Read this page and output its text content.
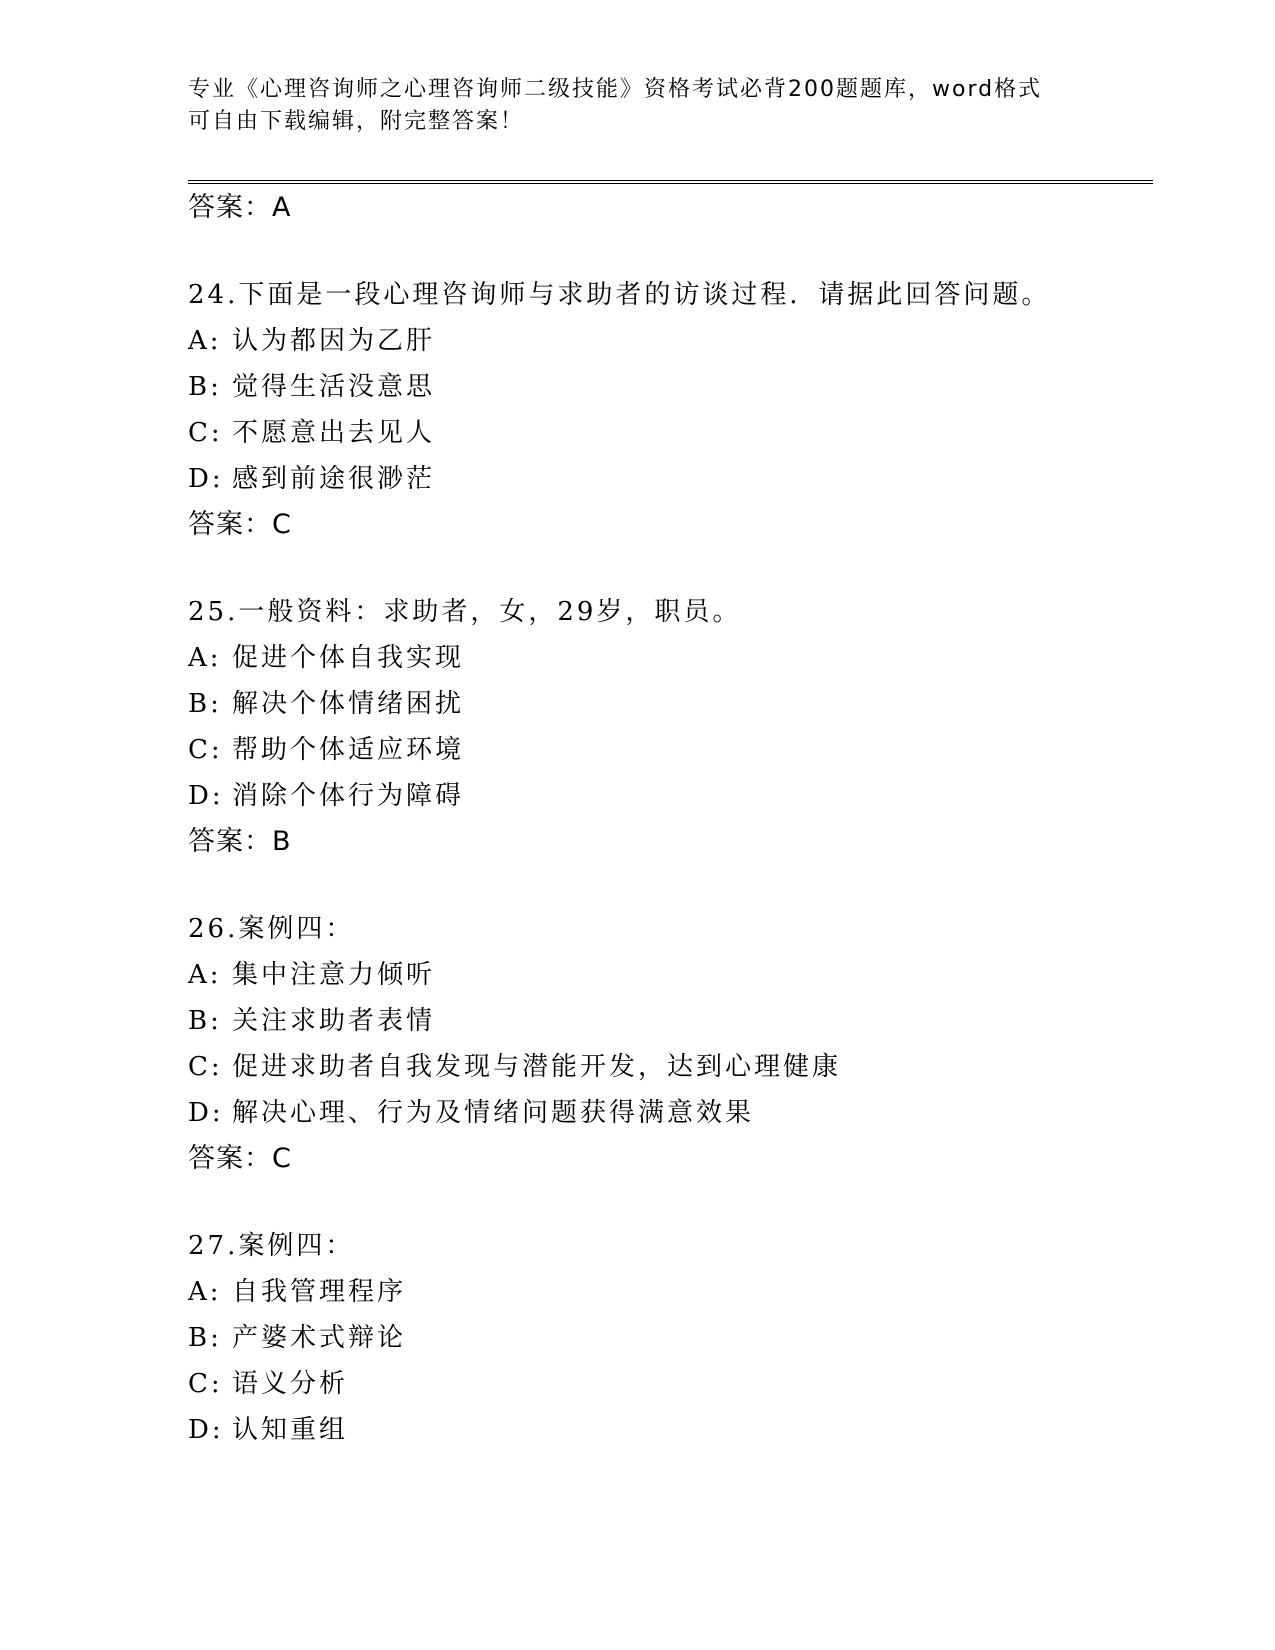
专业《心理咨询师之心理咨询师二级技能》资格考试必背200题题库，word格式
可自由下载编辑，附完整答案！
答案：A
24.下面是一段心理咨询师与求助者的访谈过程．请据此回答问题。
A: 认为都因为乙肝
B: 觉得生活没意思
C: 不愿意出去见人
D: 感到前途很渺茫
答案：C
25.一般资料：求助者，女，29岁，职员。
A: 促进个体自我实现
B: 解决个体情绪困扰
C: 帮助个体适应环境
D: 消除个体行为障碍
答案：B
26.案例四：
A: 集中注意力倾听
B: 关注求助者表情
C: 促进求助者自我发现与潜能开发，达到心理健康
D: 解决心理、行为及情绪问题获得满意效果
答案：C
27.案例四：
A: 自我管理程序
B: 产婆术式辩论
C: 语义分析
D: 认知重组
